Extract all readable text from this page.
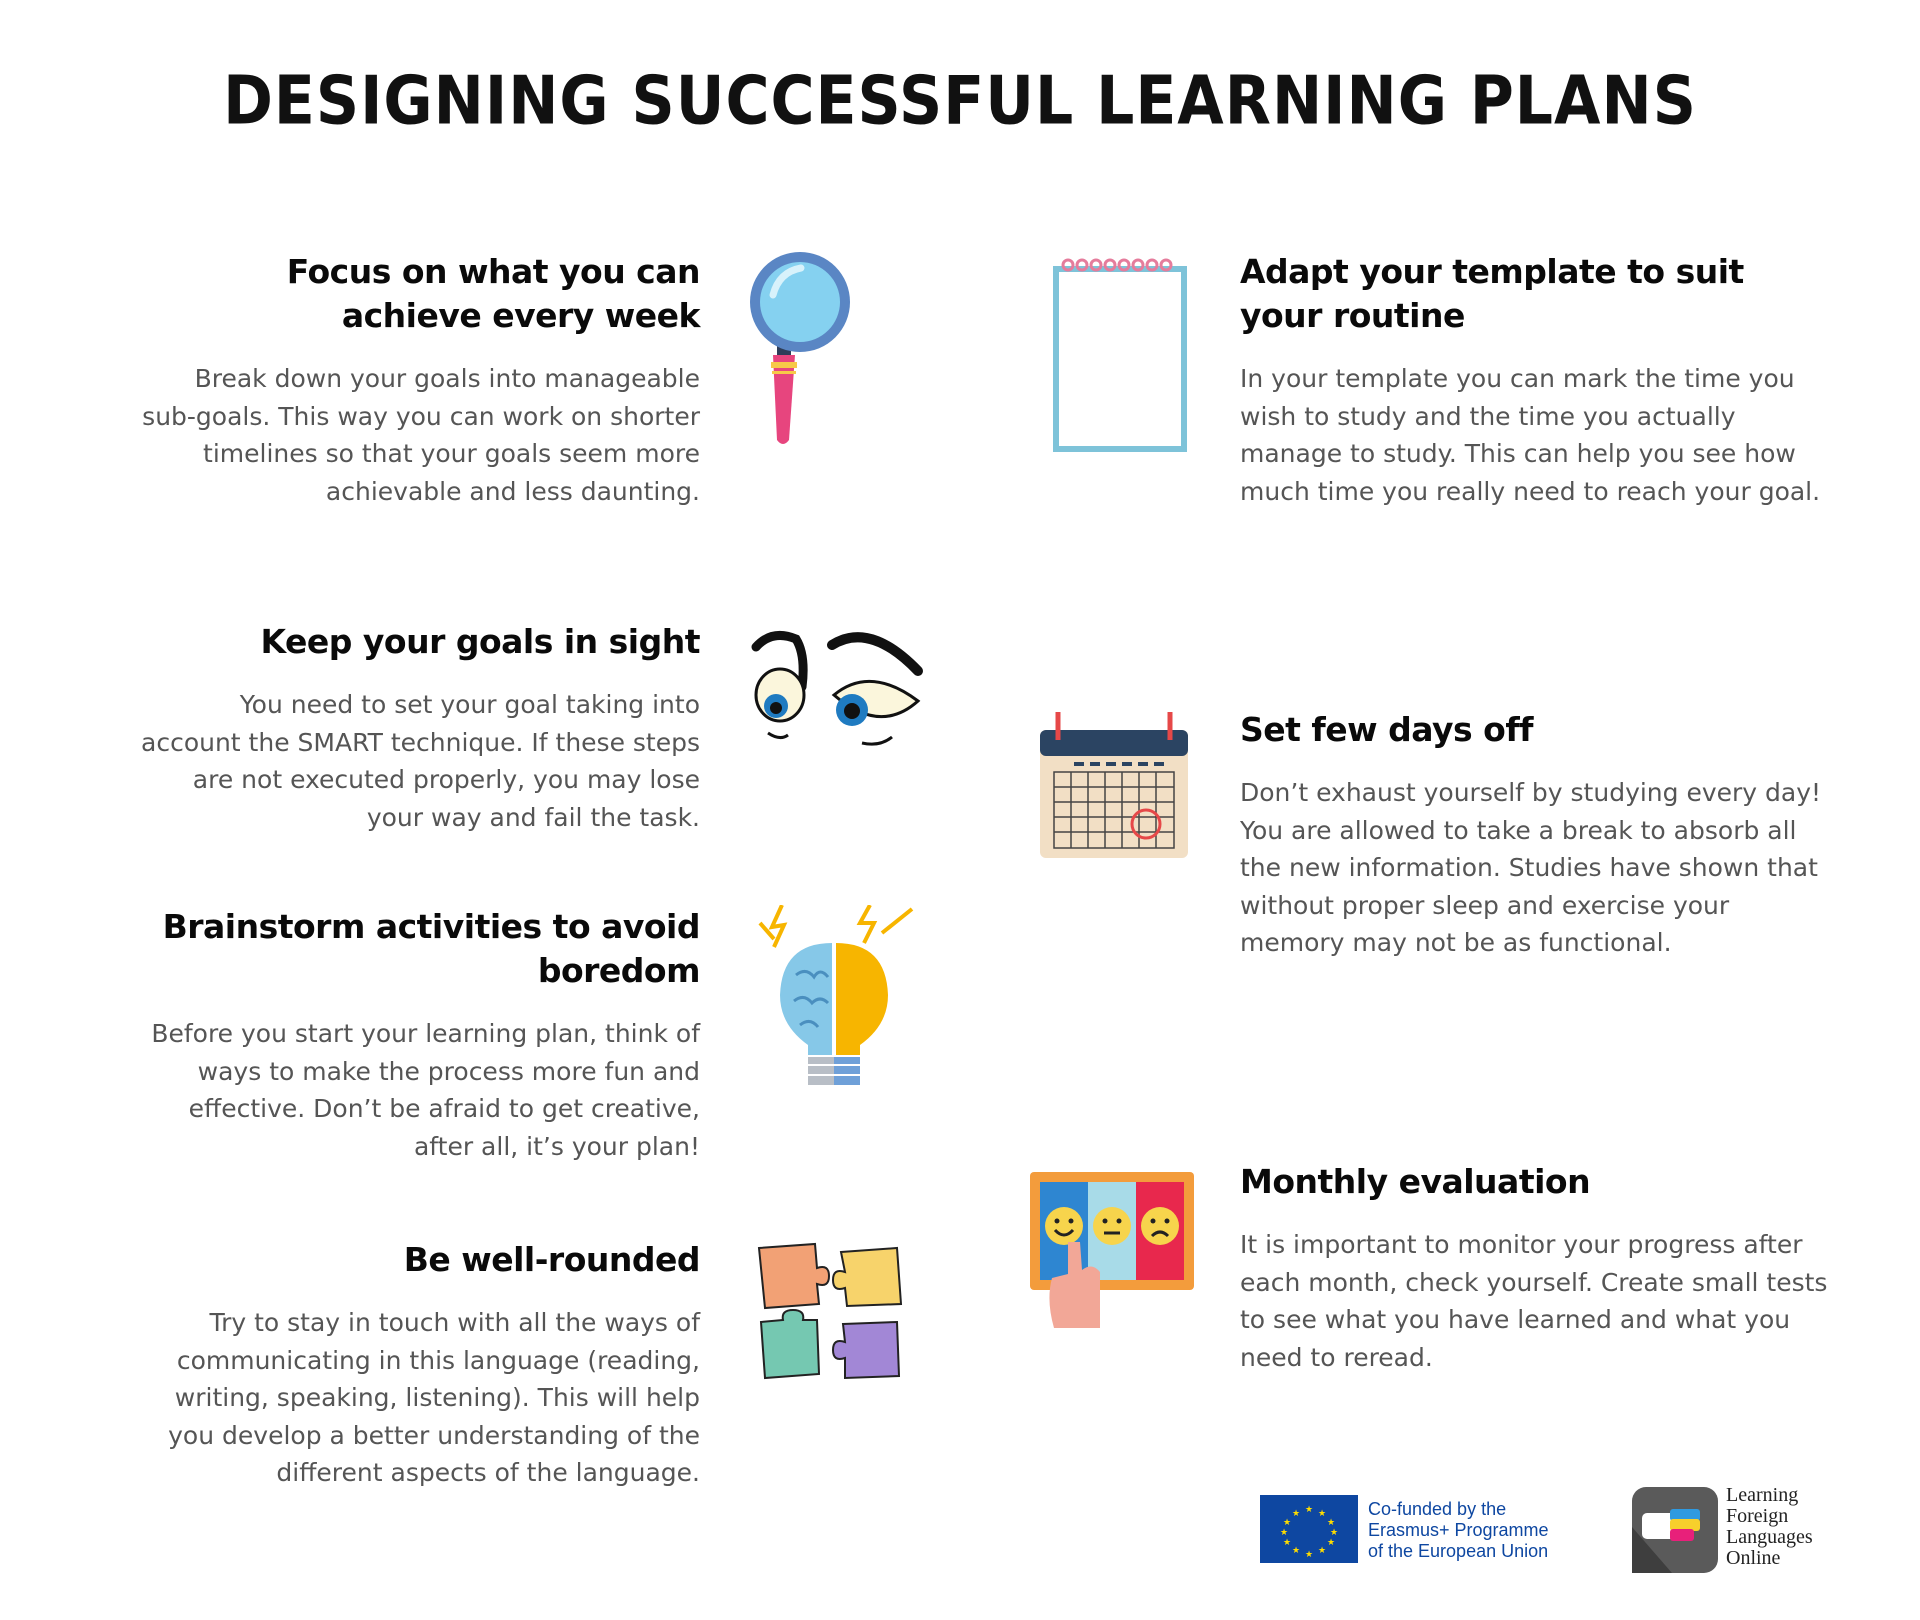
DESIGNING SUCCESSFUL LEARNING PLANS
Focus on what you can achieve every week
Break down your goals into manageable sub-goals. This way you can work on shorter timelines so that your goals seem more achievable and less daunting.
Keep your goals in sight
You need to set your goal taking into account the SMART technique. If these steps are not executed properly, you may lose your way and fail the task.
Brainstorm activities to avoid boredom
Before you start your learning plan, think of ways to make the process more fun and effective. Don’t be afraid to get creative, after all, it’s your plan!
Be well-rounded
Try to stay in touch with all the ways of communicating in this language (reading, writing, speaking, listening). This will help you develop a better understanding of the different aspects of the language.
Adapt your template to suit your routine
In your template you can mark the time you wish to study and the time you actually manage to study. This can help you see how much time you really need to reach your goal.
Set few days off
Don’t exhaust yourself by studying every day! You are allowed to take a break to absorb all the new information. Studies have shown that without proper sleep and exercise your memory may not be as functional.
Monthly evaluation
It is important to monitor your progress after each month, check yourself. Create small tests to see what you have learned and what you need to reread.
★ ★
★
★
★
★
★
★
★
★
★
★	Co-funded by the
Erasmus+ Programme
of the European Union
Learning
Foreign
Languages
Online
